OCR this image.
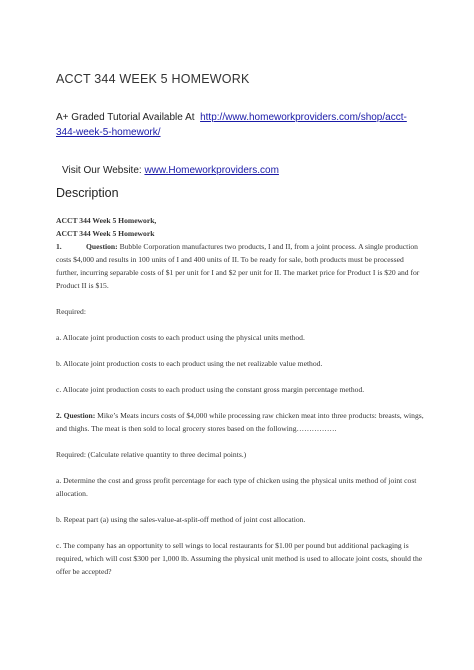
ACCT 344 WEEK 5 HOMEWORK
A+ Graded Tutorial Available At http://www.homeworkproviders.com/shop/acct-344-week-5-homework/
Visit Our Website: www.Homeworkproviders.com
Description

ACCT 344 Week 5 Homework,

ACCT 344 Week 5 Homework

1.	Question: Bubble Corporation manufactures two products, I and II, from a joint process. A single production costs $4,000 and results in 100 units of I and 400 units of II. To be ready for sale, both products must be processed further, incurring separable costs of $1 per unit for I and $2 per unit for II. The market price for Product I is $20 and for Product II is $15.

Required:

a. Allocate joint production costs to each product using the physical units method.

b. Allocate joint production costs to each product using the net realizable value method.

c. Allocate joint production costs to each product using the constant gross margin percentage method.

2. Question: Mike’s Meats incurs costs of $4,000 while processing raw chicken meat into three products: breasts, wings, and thighs. The meat is then sold to local grocery stores based on the following…………….

Required: (Calculate relative quantity to three decimal points.)

a. Determine the cost and gross profit percentage for each type of chicken using the physical units method of joint cost allocation.

b. Repeat part (a) using the sales-value-at-split-off method of joint cost allocation.

c. The company has an opportunity to sell wings to local restaurants for $1.00 per pound but additional packaging is required, which will cost $300 per 1,000 lb. Assuming the physical unit method is used to allocate joint costs, should the offer be accepted?
